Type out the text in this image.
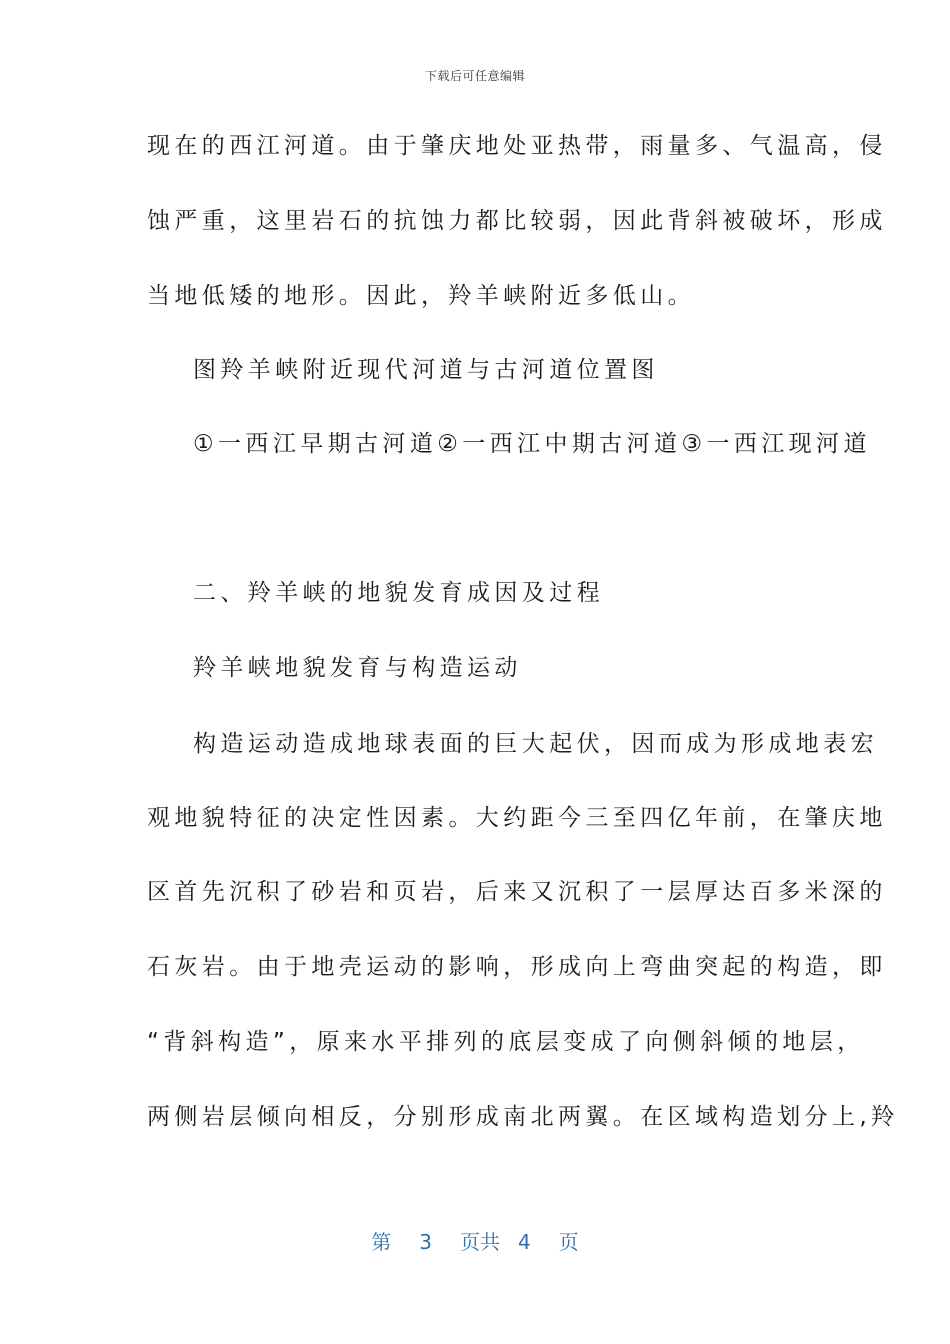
下载后可任意编辑
现在的西江河道。由于肇庆地处亚热带，雨量多、气温高，侵
蚀严重，这里岩石的抗蚀力都比较弱，因此背斜被破坏，形成
当地低矮的地形。因此，羚羊峡附近多低山。
图羚羊峡附近现代河道与古河道位置图
①一西江早期古河道②一西江中期古河道③一西江现河道
二、羚羊峡的地貌发育成因及过程
羚羊峡地貌发育与构造运动
构造运动造成地球表面的巨大起伏，因而成为形成地表宏
观地貌特征的决定性因素。大约距今三至四亿年前，在肇庆地
区首先沉积了砂岩和页岩，后来又沉积了一层厚达百多米深的
石灰岩。由于地壳运动的影响，形成向上弯曲突起的构造，即
“背斜构造”，原来水平排列的底层变成了向侧斜倾的地层，
两侧岩层倾向相反，分别形成南北两翼。在区域构造划分上,羚
第 3 页共 4 页
